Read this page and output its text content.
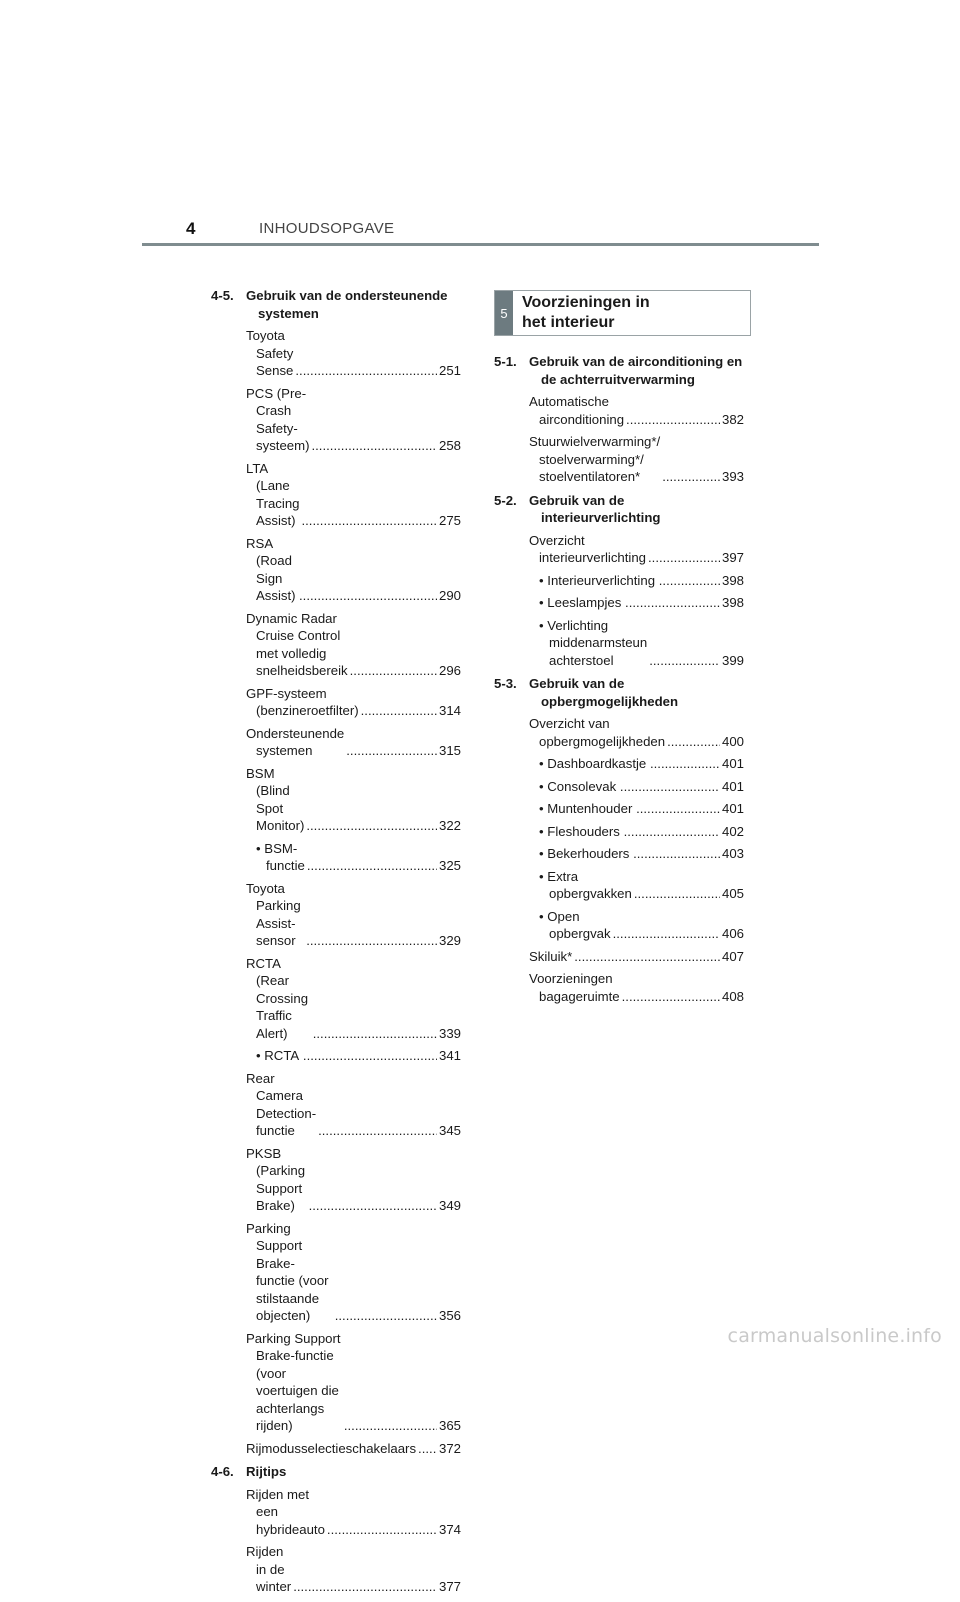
4	INHOUDSOPGAVE
4-5. Gebruik van de ondersteunende systemen
Toyota Safety Sense .....	251
PCS (Pre-Crash Safety-systeem) .....	258
LTA (Lane Tracing Assist) .....	275
RSA (Road Sign Assist) .....	290
Dynamic Radar Cruise Control met volledig snelheidsbereik .....	296
GPF-systeem (benzineroetfilter) .....	314
Ondersteunende systemen .....	315
BSM (Blind Spot Monitor) .....	322
• BSM-functie .....	325
Toyota Parking Assist-sensor .....	329
RCTA (Rear Crossing Traffic Alert) .....	339
• RCTA .....	341
Rear Camera Detection-functie .....	345
PKSB (Parking Support Brake) .....	349
Parking Support Brake-functie (voor stilstaande objecten) .....	356
Parking Support Brake-functie (voor voertuigen die achterlangs rijden) .....	365
Rijmodusselectieschakelaars ..... 372
4-6. Rijtips
Rijden met een hybrideauto .....	374
Rijden in de winter .....	377
5
Voorzieningen in
het interieur
5-1. Gebruik van de airconditioning en de achterruitverwarming
Automatische airconditioning .....	382
Stuurwielverwarming*/ stoelverwarming*/ stoelventilatoren* .....	393
5-2. Gebruik van de interieurverlichting
Overzicht interieurverlichting .....	397
• Interieurverlichting .....	398
• Leeslampjes .....	398
• Verlichting middenarmsteun achterstoel .....	399
5-3. Gebruik van de opbergmogelijkheden
Overzicht van opbergmogelijkheden .....	400
• Dashboardkastje .....	401
• Consolevak .....	401
• Muntenhouder .....	401
• Fleshouders .....	402
• Bekerhouders .....	403
• Extra opbergvakken .....	405
• Open opbergvak .....	406
Skiluik* .....	407
Voorzieningen bagageruimte .....	408
carmanualsonline.info
